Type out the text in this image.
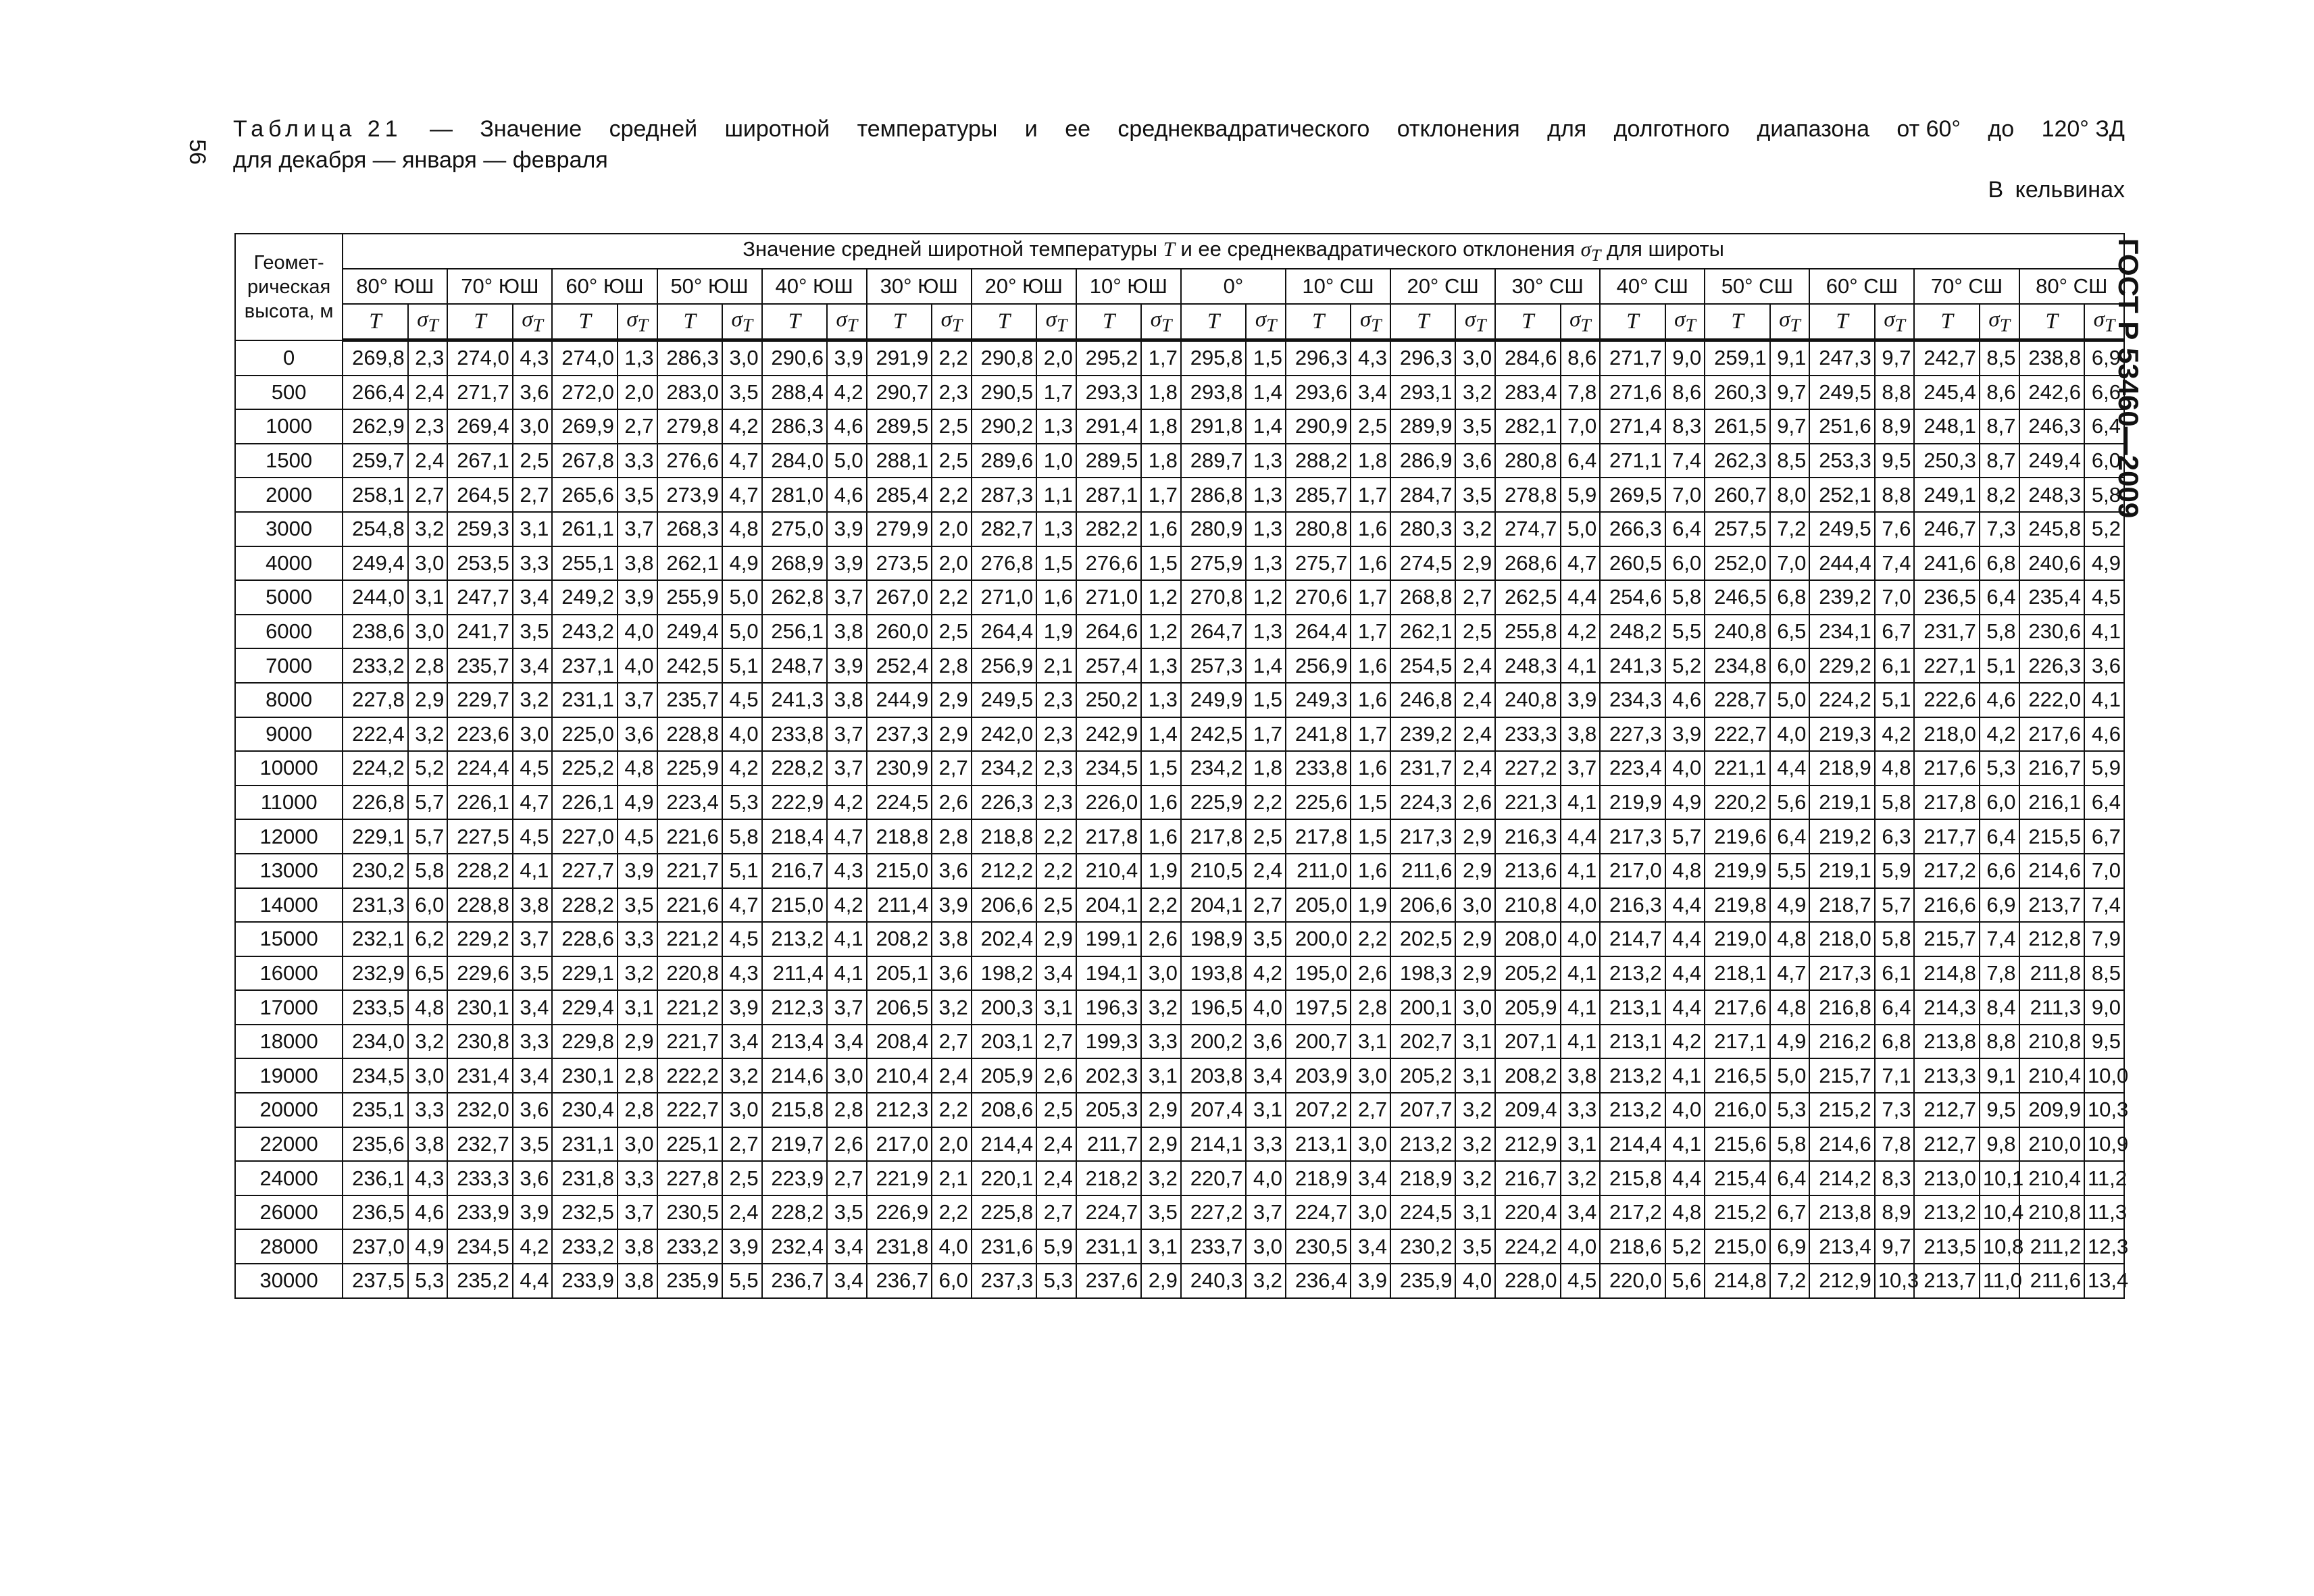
56
ГОСТ Р 53460—2009
Таблица 21 — Значение средней широтной температуры и ее среднеквадратического отклонения для долготного диапазона от 60° до 120° ЗД
для декабря — января — февраля
В кельвинах
Геомет-
рическая
высота, м	Значение средней широтной температуры T и ее среднеквадратического отклонения $\sigma_T$ для широты																																	
	80° ЮШ		70° ЮШ		60° ЮШ		50° ЮШ		40° ЮШ		30° ЮШ		20° ЮШ		10° ЮШ		0°		10° СШ		20° СШ		30° СШ		40° СШ		50° СШ		60° СШ		70° СШ		80° СШ	
	T	$\sigma_T$	T	$\sigma_T$	T	$\sigma_T$	T	$\sigma_T$	T	$\sigma_T$	T	$\sigma_T$	T	$\sigma_T$	T	$\sigma_T$	T	$\sigma_T$	T	$\sigma_T$	T	$\sigma_T$	T	$\sigma_T$	T	$\sigma_T$	T	$\sigma_T$	T	$\sigma_T$	T	$\sigma_T$	T	$\sigma_T$
0	269,8	2,3	274,0	4,3	274,0	1,3	286,3	3,0	290,6	3,9	291,9	2,2	290,8	2,0	295,2	1,7	295,8	1,5	296,3	4,3	296,3	3,0	284,6	8,6	271,7	9,0	259,1	9,1	247,3	9,7	242,7	8,5	238,8	6,9
500	266,4	2,4	271,7	3,6	272,0	2,0	283,0	3,5	288,4	4,2	290,7	2,3	290,5	1,7	293,3	1,8	293,8	1,4	293,6	3,4	293,1	3,2	283,4	7,8	271,6	8,6	260,3	9,7	249,5	8,8	245,4	8,6	242,6	6,6
1000	262,9	2,3	269,4	3,0	269,9	2,7	279,8	4,2	286,3	4,6	289,5	2,5	290,2	1,3	291,4	1,8	291,8	1,4	290,9	2,5	289,9	3,5	282,1	7,0	271,4	8,3	261,5	9,7	251,6	8,9	248,1	8,7	246,3	6,4
1500	259,7	2,4	267,1	2,5	267,8	3,3	276,6	4,7	284,0	5,0	288,1	2,5	289,6	1,0	289,5	1,8	289,7	1,3	288,2	1,8	286,9	3,6	280,8	6,4	271,1	7,4	262,3	8,5	253,3	9,5	250,3	8,7	249,4	6,0
2000	258,1	2,7	264,5	2,7	265,6	3,5	273,9	4,7	281,0	4,6	285,4	2,2	287,3	1,1	287,1	1,7	286,8	1,3	285,7	1,7	284,7	3,5	278,8	5,9	269,5	7,0	260,7	8,0	252,1	8,8	249,1	8,2	248,3	5,8
3000	254,8	3,2	259,3	3,1	261,1	3,7	268,3	4,8	275,0	3,9	279,9	2,0	282,7	1,3	282,2	1,6	280,9	1,3	280,8	1,6	280,3	3,2	274,7	5,0	266,3	6,4	257,5	7,2	249,5	7,6	246,7	7,3	245,8	5,2
4000	249,4	3,0	253,5	3,3	255,1	3,8	262,1	4,9	268,9	3,9	273,5	2,0	276,8	1,5	276,6	1,5	275,9	1,3	275,7	1,6	274,5	2,9	268,6	4,7	260,5	6,0	252,0	7,0	244,4	7,4	241,6	6,8	240,6	4,9
5000	244,0	3,1	247,7	3,4	249,2	3,9	255,9	5,0	262,8	3,7	267,0	2,2	271,0	1,6	271,0	1,2	270,8	1,2	270,6	1,7	268,8	2,7	262,5	4,4	254,6	5,8	246,5	6,8	239,2	7,0	236,5	6,4	235,4	4,5
6000	238,6	3,0	241,7	3,5	243,2	4,0	249,4	5,0	256,1	3,8	260,0	2,5	264,4	1,9	264,6	1,2	264,7	1,3	264,4	1,7	262,1	2,5	255,8	4,2	248,2	5,5	240,8	6,5	234,1	6,7	231,7	5,8	230,6	4,1
7000	233,2	2,8	235,7	3,4	237,1	4,0	242,5	5,1	248,7	3,9	252,4	2,8	256,9	2,1	257,4	1,3	257,3	1,4	256,9	1,6	254,5	2,4	248,3	4,1	241,3	5,2	234,8	6,0	229,2	6,1	227,1	5,1	226,3	3,6
8000	227,8	2,9	229,7	3,2	231,1	3,7	235,7	4,5	241,3	3,8	244,9	2,9	249,5	2,3	250,2	1,3	249,9	1,5	249,3	1,6	246,8	2,4	240,8	3,9	234,3	4,6	228,7	5,0	224,2	5,1	222,6	4,6	222,0	4,1
9000	222,4	3,2	223,6	3,0	225,0	3,6	228,8	4,0	233,8	3,7	237,3	2,9	242,0	2,3	242,9	1,4	242,5	1,7	241,8	1,7	239,2	2,4	233,3	3,8	227,3	3,9	222,7	4,0	219,3	4,2	218,0	4,2	217,6	4,6
10000	224,2	5,2	224,4	4,5	225,2	4,8	225,9	4,2	228,2	3,7	230,9	2,7	234,2	2,3	234,5	1,5	234,2	1,8	233,8	1,6	231,7	2,4	227,2	3,7	223,4	4,0	221,1	4,4	218,9	4,8	217,6	5,3	216,7	5,9
11000	226,8	5,7	226,1	4,7	226,1	4,9	223,4	5,3	222,9	4,2	224,5	2,6	226,3	2,3	226,0	1,6	225,9	2,2	225,6	1,5	224,3	2,6	221,3	4,1	219,9	4,9	220,2	5,6	219,1	5,8	217,8	6,0	216,1	6,4
12000	229,1	5,7	227,5	4,5	227,0	4,5	221,6	5,8	218,4	4,7	218,8	2,8	218,8	2,2	217,8	1,6	217,8	2,5	217,8	1,5	217,3	2,9	216,3	4,4	217,3	5,7	219,6	6,4	219,2	6,3	217,7	6,4	215,5	6,7
13000	230,2	5,8	228,2	4,1	227,7	3,9	221,7	5,1	216,7	4,3	215,0	3,6	212,2	2,2	210,4	1,9	210,5	2,4	211,0	1,6	211,6	2,9	213,6	4,1	217,0	4,8	219,9	5,5	219,1	5,9	217,2	6,6	214,6	7,0
14000	231,3	6,0	228,8	3,8	228,2	3,5	221,6	4,7	215,0	4,2	211,4	3,9	206,6	2,5	204,1	2,2	204,1	2,7	205,0	1,9	206,6	3,0	210,8	4,0	216,3	4,4	219,8	4,9	218,7	5,7	216,6	6,9	213,7	7,4
15000	232,1	6,2	229,2	3,7	228,6	3,3	221,2	4,5	213,2	4,1	208,2	3,8	202,4	2,9	199,1	2,6	198,9	3,5	200,0	2,2	202,5	2,9	208,0	4,0	214,7	4,4	219,0	4,8	218,0	5,8	215,7	7,4	212,8	7,9
16000	232,9	6,5	229,6	3,5	229,1	3,2	220,8	4,3	211,4	4,1	205,1	3,6	198,2	3,4	194,1	3,0	193,8	4,2	195,0	2,6	198,3	2,9	205,2	4,1	213,2	4,4	218,1	4,7	217,3	6,1	214,8	7,8	211,8	8,5
17000	233,5	4,8	230,1	3,4	229,4	3,1	221,2	3,9	212,3	3,7	206,5	3,2	200,3	3,1	196,3	3,2	196,5	4,0	197,5	2,8	200,1	3,0	205,9	4,1	213,1	4,4	217,6	4,8	216,8	6,4	214,3	8,4	211,3	9,0
18000	234,0	3,2	230,8	3,3	229,8	2,9	221,7	3,4	213,4	3,4	208,4	2,7	203,1	2,7	199,3	3,3	200,2	3,6	200,7	3,1	202,7	3,1	207,1	4,1	213,1	4,2	217,1	4,9	216,2	6,8	213,8	8,8	210,8	9,5
19000	234,5	3,0	231,4	3,4	230,1	2,8	222,2	3,2	214,6	3,0	210,4	2,4	205,9	2,6	202,3	3,1	203,8	3,4	203,9	3,0	205,2	3,1	208,2	3,8	213,2	4,1	216,5	5,0	215,7	7,1	213,3	9,1	210,4	10,0
20000	235,1	3,3	232,0	3,6	230,4	2,8	222,7	3,0	215,8	2,8	212,3	2,2	208,6	2,5	205,3	2,9	207,4	3,1	207,2	2,7	207,7	3,2	209,4	3,3	213,2	4,0	216,0	5,3	215,2	7,3	212,7	9,5	209,9	10,3
22000	235,6	3,8	232,7	3,5	231,1	3,0	225,1	2,7	219,7	2,6	217,0	2,0	214,4	2,4	211,7	2,9	214,1	3,3	213,1	3,0	213,2	3,2	212,9	3,1	214,4	4,1	215,6	5,8	214,6	7,8	212,7	9,8	210,0	10,9
24000	236,1	4,3	233,3	3,6	231,8	3,3	227,8	2,5	223,9	2,7	221,9	2,1	220,1	2,4	218,2	3,2	220,7	4,0	218,9	3,4	218,9	3,2	216,7	3,2	215,8	4,4	215,4	6,4	214,2	8,3	213,0	10,1	210,4	11,2
26000	236,5	4,6	233,9	3,9	232,5	3,7	230,5	2,4	228,2	3,5	226,9	2,2	225,8	2,7	224,7	3,5	227,2	3,7	224,7	3,0	224,5	3,1	220,4	3,4	217,2	4,8	215,2	6,7	213,8	8,9	213,2	10,4	210,8	11,3
28000	237,0	4,9	234,5	4,2	233,2	3,8	233,2	3,9	232,4	3,4	231,8	4,0	231,6	5,9	231,1	3,1	233,7	3,0	230,5	3,4	230,2	3,5	224,2	4,0	218,6	5,2	215,0	6,9	213,4	9,7	213,5	10,8	211,2	12,3
30000	237,5	5,3	235,2	4,4	233,9	3,8	235,9	5,5	236,7	3,4	236,7	6,0	237,3	5,3	237,6	2,9	240,3	3,2	236,4	3,9	235,9	4,0	228,0	4,5	220,0	5,6	214,8	7,2	212,9	10,3	213,7	11,0	211,6	13,4
